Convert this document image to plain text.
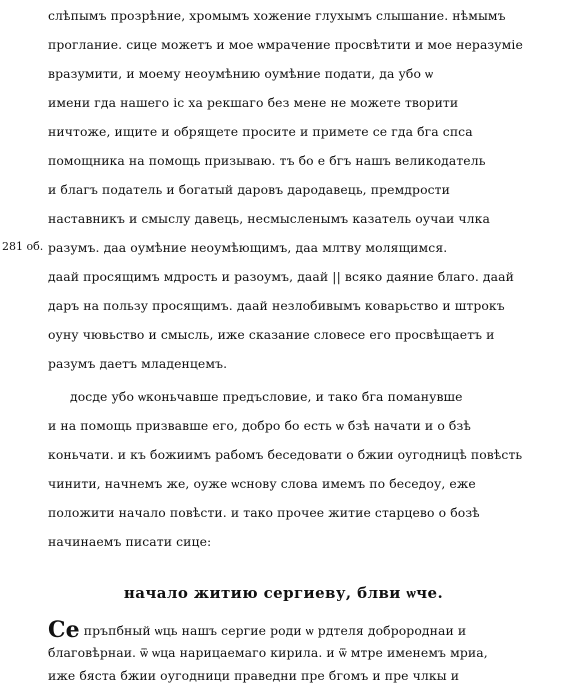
281 об.
слѣпымъ прозрѣние, хромымъ хожение глухымъ слышание. нѣмымъ
проглание. сице можетъ и мое ѡмрачение просвѣтити и мое неразуміе
вразумити, и моему неоумѣнию оумѣние подати, да убо ѡ
имени гда нашего іс ха рекшаго без мене не можете творити
ничтоже, ищите и обрящете просите и примете се гда бга спса
помощника на помощь призываю. тъ бо е бгъ нашъ великодатель
и благъ податель и богатый даровъ дародавець, премдрости
наставникъ и смыслу давець, несмысленымъ казатель оучаи члка
разумъ. даа оумѣние неоумѣющимъ, даа млтву молящимся.
даай просящимъ мдрость и разоумъ, даай || всяко даяние благо. даай
даръ на пользу просящимъ. даай незлобивымъ коварьство и штрокъ
оуну чювьство и смысль, иже сказание словесе его просвѣщаетъ и
разумъ даетъ младенцемъ.
досде убо ѡконьчавше предъсловие, и тако бга поманувше
и на помощь призвавше его, добро бо есть ѡ бзѣ начати и о бзѣ
коньчати. и къ божиимъ рабомъ беседовати о бжии оугодницѣ повѣсть
чинити, начнемъ же, оуже ѡснову слова имемъ по беседоу, еже
положити начало повѣсти. и тако прочее житие старцево о бозѣ
начинаемъ писати сице:
начало житию сергиеву, блви ѡче.
Се пръпбный ѡць нашъ сергие роди ѡ рдтеля добророднаи и
благовѣрнаи. ѿ ѡца нарицаемаго кирила. и ѿ мтре именемъ мриа,
иже бяста бжии оугодници праведни пре бгомъ и пре члкы и
